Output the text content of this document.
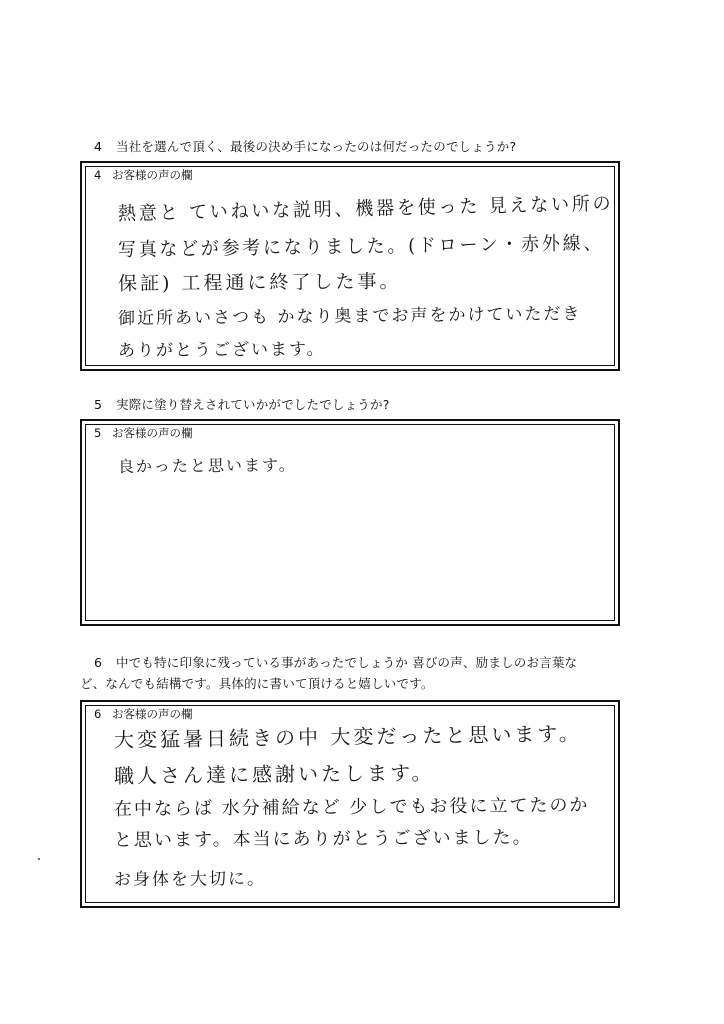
4 当社を選んで頂く、最後の決め手になったのは何だったのでしょうか?
4 お客様の声の欄
熱意と ていねいな説明、機器を使った 見えない所の
写真などが参考になりました。(ドローン・赤外線、
保証) 工程通に終了した事。
御近所あいさつも かなり奥までお声をかけていただき
ありがとうございます。
5 実際に塗り替えされていかがでしたでしょうか?
5 お客様の声の欄
良かったと思います。
6 中でも特に印象に残っている事があったでしょうか 喜びの声、励ましのお言葉な
ど、なんでも結構です。具体的に書いて頂けると嬉しいです。
6 お客様の声の欄
大変猛暑日続きの中 大変だったと思います。
職人さん達に感謝いたします。
在中ならば 水分補給など 少しでもお役に立てたのか
と思います。本当にありがとうございました。
お身体を大切に。
